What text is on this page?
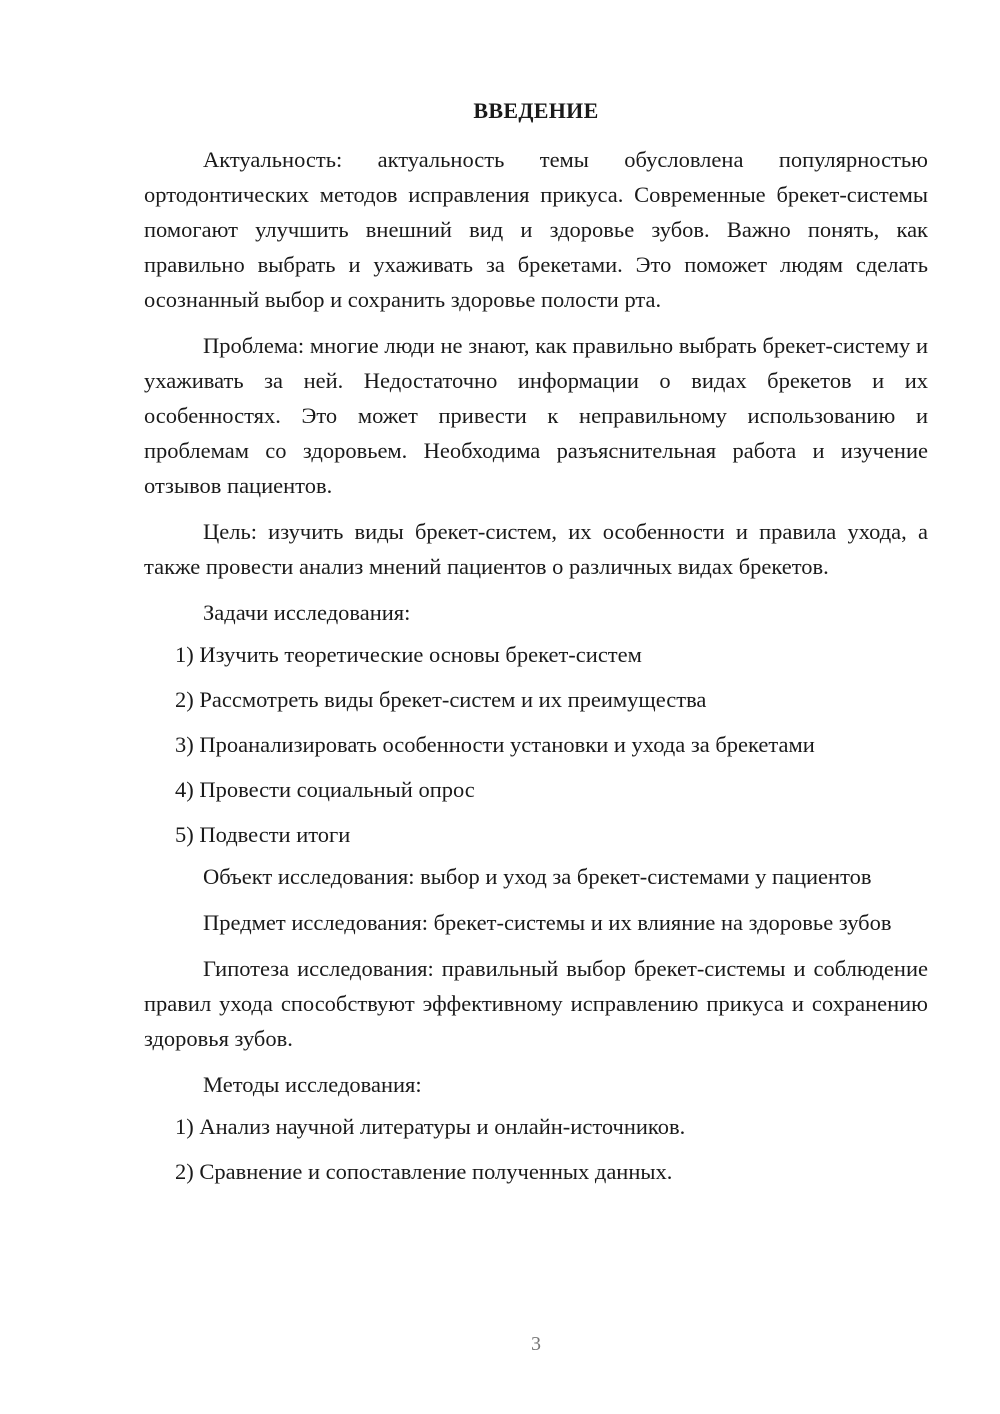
ВВЕДЕНИЕ

Актуальность: актуальность темы обусловлена популярностью ортодонтических методов исправления прикуса. Современные брекет-системы помогают улучшить внешний вид и здоровье зубов. Важно понять, как правильно выбрать и ухаживать за брекетами. Это поможет людям сделать осознанный выбор и сохранить здоровье полости рта.

Проблема: многие люди не знают, как правильно выбрать брекет-систему и ухаживать за ней. Недостаточно информации о видах брекетов и их особенностях. Это может привести к неправильному использованию и проблемам со здоровьем. Необходима разъяснительная работа и изучение отзывов пациентов.

Цель: изучить виды брекет-систем, их особенности и правила ухода, а также провести анализ мнений пациентов о различных видах брекетов.

Задачи исследования:

1) Изучить теоретические основы брекет-систем

2) Рассмотреть виды брекет-систем и их преимущества

3) Проанализировать особенности установки и ухода за брекетами

4) Провести социальный опрос

5) Подвести итоги

Объект исследования: выбор и уход за брекет-системами у пациентов

Предмет исследования: брекет-системы и их влияние на здоровье зубов

Гипотеза исследования: правильный выбор брекет-системы и соблюдение правил ухода способствуют эффективному исправлению прикуса и сохранению здоровья зубов.

Методы исследования:

1) Анализ научной литературы и онлайн-источников.

2) Сравнение и сопоставление полученных данных.

3
